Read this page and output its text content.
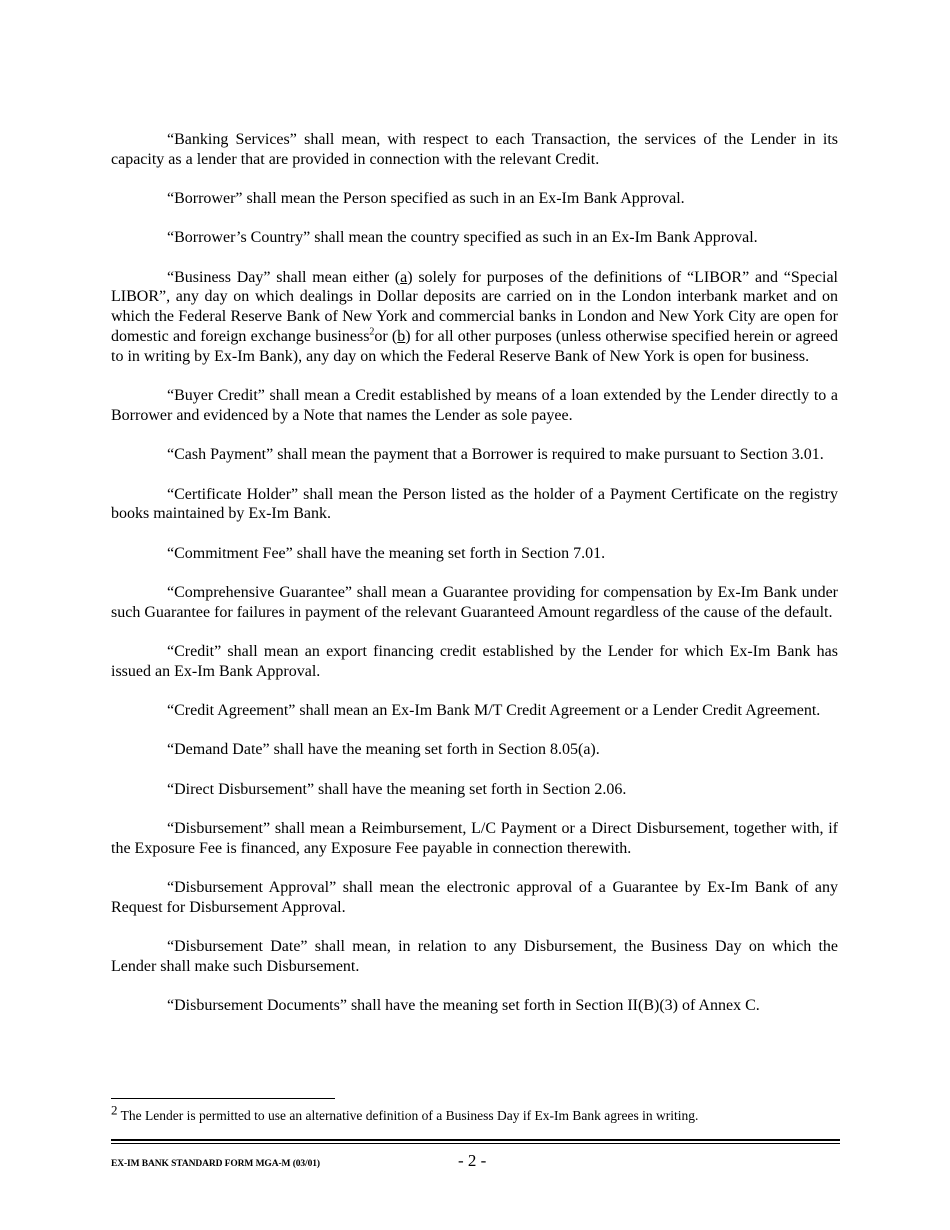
“Banking Services” shall mean, with respect to each Transaction, the services of the Lender in its capacity as a lender that are provided in connection with the relevant Credit.

“Borrower” shall mean the Person specified as such in an Ex-Im Bank Approval.

“Borrower’s Country” shall mean the country specified as such in an Ex-Im Bank Approval.

“Business Day” shall mean either (a) solely for purposes of the definitions of “LIBOR” and “Special LIBOR”, any day on which dealings in Dollar deposits are carried on in the London interbank market and on which the Federal Reserve Bank of New York and commercial banks in London and New York City are open for domestic and foreign exchange business$^2$or (b) for all other purposes (unless otherwise specified herein or agreed to in writing by Ex-Im Bank), any day on which the Federal Reserve Bank of New York is open for business.

“Buyer Credit” shall mean a Credit established by means of a loan extended by the Lender directly to a Borrower and evidenced by a Note that names the Lender as sole payee.

“Cash Payment” shall mean the payment that a Borrower is required to make pursuant to Section 3.01.

“Certificate Holder” shall mean the Person listed as the holder of a Payment Certificate on the registry books maintained by Ex-Im Bank.

“Commitment Fee” shall have the meaning set forth in Section 7.01.

“Comprehensive Guarantee” shall mean a Guarantee providing for compensation by Ex-Im Bank under such Guarantee for failures in payment of the relevant Guaranteed Amount regardless of the cause of the default.

“Credit” shall mean an export financing credit established by the Lender for which Ex-Im Bank has issued an Ex-Im Bank Approval.

“Credit Agreement” shall mean an Ex-Im Bank M/T Credit Agreement or a Lender Credit Agreement.

“Demand Date” shall have the meaning set forth in Section 8.05(a).

“Direct Disbursement” shall have the meaning set forth in Section 2.06.

“Disbursement” shall mean a Reimbursement, L/C Payment or a Direct Disbursement, together with, if the Exposure Fee is financed, any Exposure Fee payable in connection therewith.

“Disbursement Approval” shall mean the electronic approval of a Guarantee by Ex-Im Bank of any Request for Disbursement Approval.

“Disbursement Date” shall mean, in relation to any Disbursement, the Business Day on which the Lender shall make such Disbursement.

“Disbursement Documents” shall have the meaning set forth in Section II(B)(3) of Annex C.

2 The Lender is permitted to use an alternative definition of a Business Day if Ex-Im Bank agrees in writing.
EX-IM BANK STANDARD FORM MGA-M (03/01)	- 2 -
